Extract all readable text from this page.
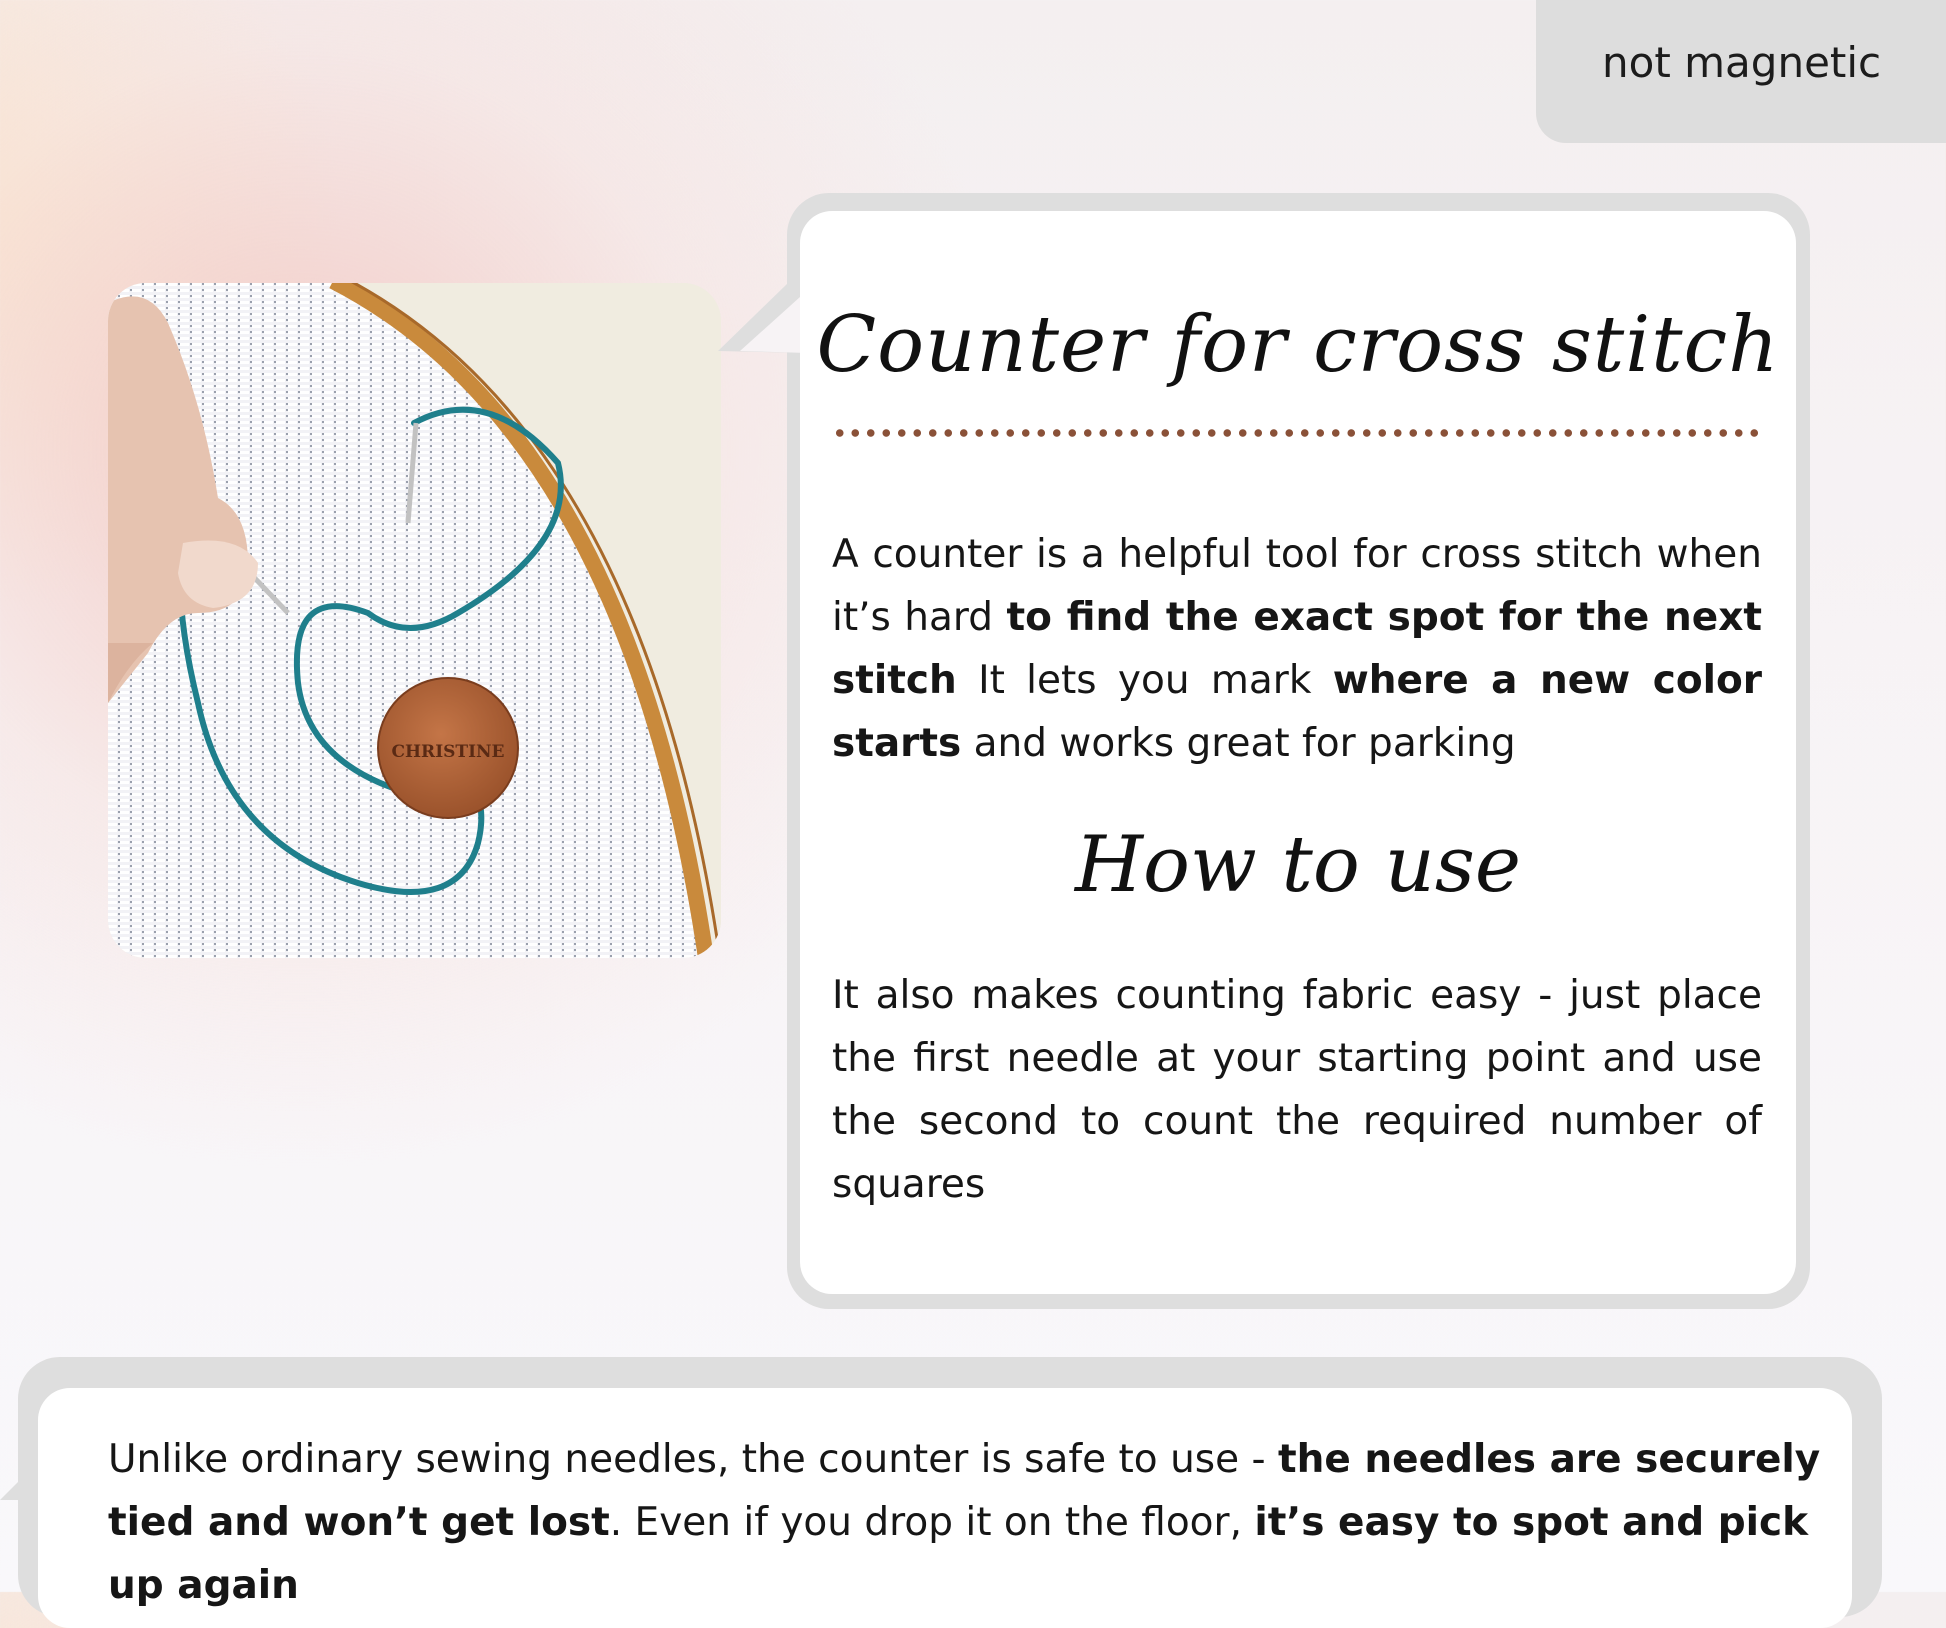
not magnetic
CHRISTINE
Counter for cross stitch
A counter is a helpful tool for cross stitch when it’s hard to find the exact spot for the next stitch It lets you mark where a new color starts and works great for parking
How to use
It also makes counting fabric easy - just place the first needle at your starting point and use the second to count the required number of squares
Unlike ordinary sewing needles, the counter is safe to use - the needles are securely tied and won’t get lost. Even if you drop it on the floor, it’s easy to spot and pick up again
